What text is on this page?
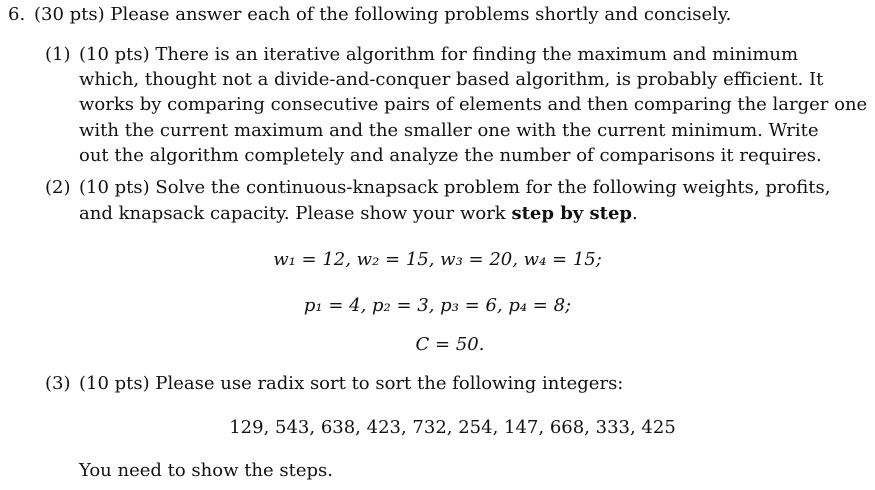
6. (30 pts) Please answer each of the following problems shortly and concisely.
(1) (10 pts) There is an iterative algorithm for finding the maximum and minimum
which, thought not a divide-and-conquer based algorithm, is probably efficient. It
works by comparing consecutive pairs of elements and then comparing the larger one
with the current maximum and the smaller one with the current minimum. Write
out the algorithm completely and analyze the number of comparisons it requires.
(2) (10 pts) Solve the continuous-knapsack problem for the following weights, profits,
and knapsack capacity. Please show your work step by step.
w₁ = 12, w₂ = 15, w₃ = 20, w₄ = 15;
p₁ = 4, p₂ = 3, p₃ = 6, p₄ = 8;
C = 50.
(3) (10 pts) Please use radix sort to sort the following integers:
129, 543, 638, 423, 732, 254, 147, 668, 333, 425
You need to show the steps.
